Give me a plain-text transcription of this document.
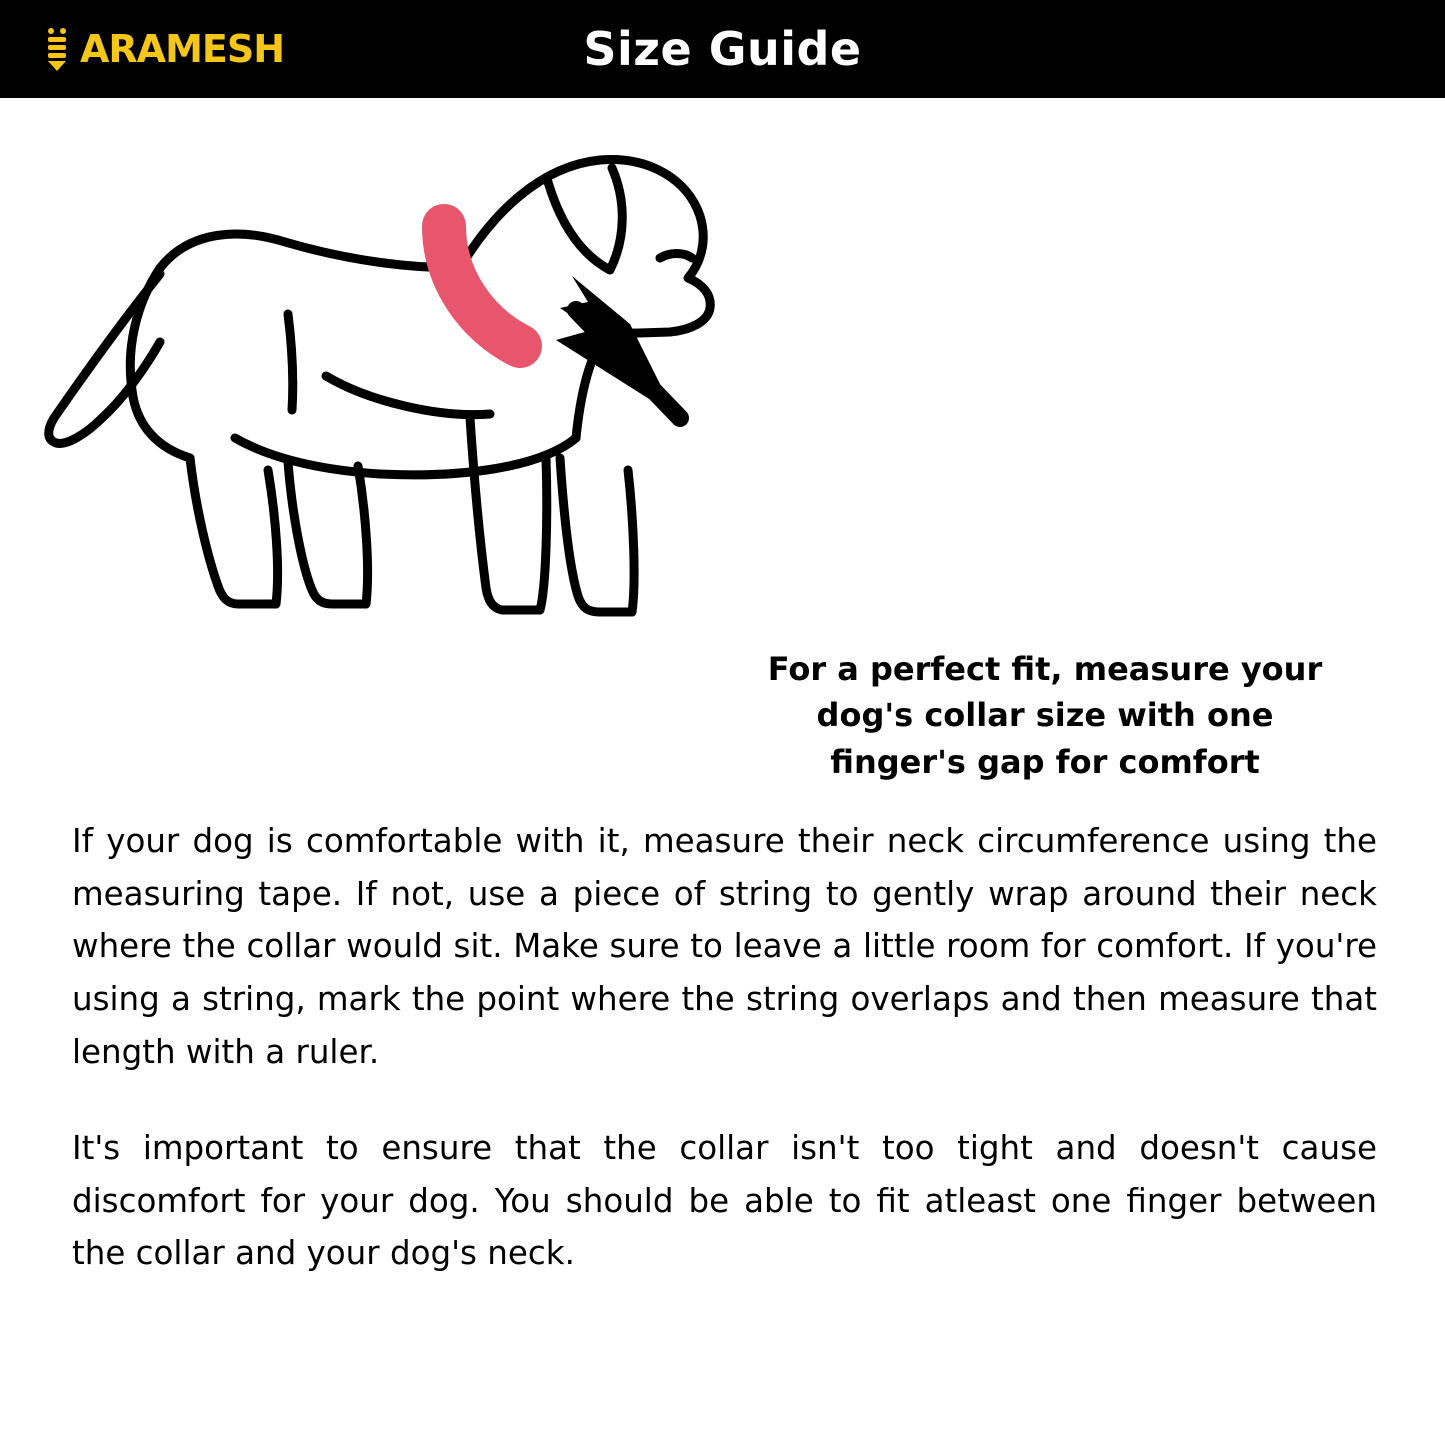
ARAMESH	Size Guide
For a perfect fit, measure your dog's collar size with one finger's gap for comfort

If your dog is comfortable with it, measure their neck circumference using the measuring tape. If not, use a piece of string to gently wrap around their neck where the collar would sit. Make sure to leave a little room for comfort. If you're using a string, mark the point where the string overlaps and then measure that length with a ruler.

It's important to ensure that the collar isn't too tight and doesn't cause discomfort for your dog. You should be able to fit atleast one finger between the collar and your dog's neck.
